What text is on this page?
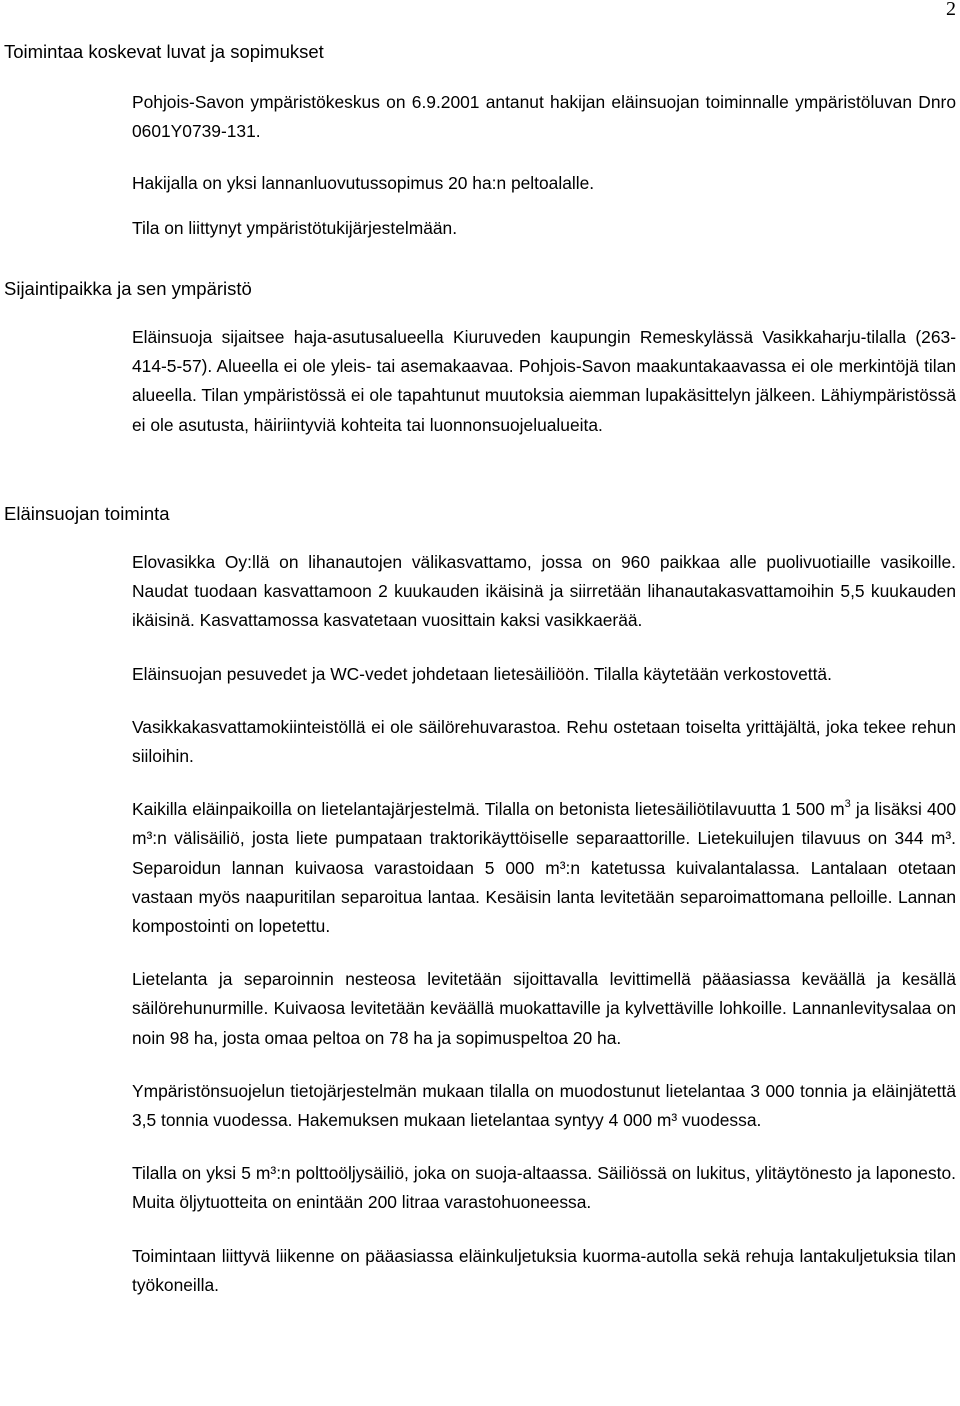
2
Toimintaa koskevat luvat ja sopimukset

Pohjois-Savon ympäristökeskus on 6.9.2001 antanut hakijan eläinsuojan toiminnalle ympäristöluvan Dnro 0601Y0739-131.

Hakijalla on yksi lannanluovutussopimus 20 ha:n peltoalalle.

Tila on liittynyt ympäristötukijärjestelmään.

Sijaintipaikka ja sen ympäristö

Eläinsuoja sijaitsee haja-asutusalueella Kiuruveden kaupungin Remeskylässä Vasikkaharju-tilalla (263-414-5-57). Alueella ei ole yleis- tai asemakaavaa. Pohjois-Savon maakuntakaavassa ei ole merkintöjä tilan alueella. Tilan ympäristössä ei ole tapahtunut muutoksia aiemman lupakäsittelyn jälkeen. Lähiympäristössä ei ole asutusta, häiriintyviä kohteita tai luonnonsuojelualueita.

Eläinsuojan toiminta

Elovasikka Oy:llä on lihanautojen välikasvattamo, jossa on 960 paikkaa alle puolivuotiaille vasikoille. Naudat tuodaan kasvattamoon 2 kuukauden ikäisinä ja siirretään lihanautakasvattamoihin 5,5 kuukauden ikäisinä. Kasvattamossa kasvatetaan vuosittain kaksi vasikkaerää.

Eläinsuojan pesuvedet ja WC-vedet johdetaan lietesäiliöön. Tilalla käytetään verkostovettä.

Vasikkakasvattamokiinteistöllä ei ole säilörehuvarastoa. Rehu ostetaan toiselta yrittäjältä, joka tekee rehun siiloihin.

Kaikilla eläinpaikoilla on lietelantajärjestelmä. Tilalla on betonista lietesäiliötilavuutta 1 500 $m^3$ ja lisäksi 400 m³:n välisäiliö, josta liete pumpataan traktorikäyttöiselle separaattorille. Lietekuilujen tilavuus on 344 m³. Separoidun lannan kuivaosa varastoidaan 5 000 m³:n katetussa kuivalantalassa. Lantalaan otetaan vastaan myös naapuritilan separoitua lantaa. Kesäisin lanta levitetään separoimattomana pelloille. Lannan kompostointi on lopetettu.

Lietelanta ja separoinnin nesteosa levitetään sijoittavalla levittimellä pääasiassa keväällä ja kesällä säilörehunurmille. Kuivaosa levitetään keväällä muokattaville ja kylvettäville lohkoille. Lannanlevitysalaa on noin 98 ha, josta omaa peltoa on 78 ha ja sopimuspeltoa 20 ha.

Ympäristönsuojelun tietojärjestelmän mukaan tilalla on muodostunut lietelantaa 3 000 tonnia ja eläinjätettä 3,5 tonnia vuodessa. Hakemuksen mukaan lietelantaa syntyy 4 000 m³ vuodessa.

Tilalla on yksi 5 m³:n polttoöljysäiliö, joka on suoja-altaassa. Säiliössä on lukitus, ylitäytönesto ja laponesto. Muita öljytuotteita on enintään 200 litraa varastohuoneessa.

Toimintaan liittyvä liikenne on pääasiassa eläinkuljetuksia kuorma-autolla sekä rehuja lantakuljetuksia tilan työkoneilla.
